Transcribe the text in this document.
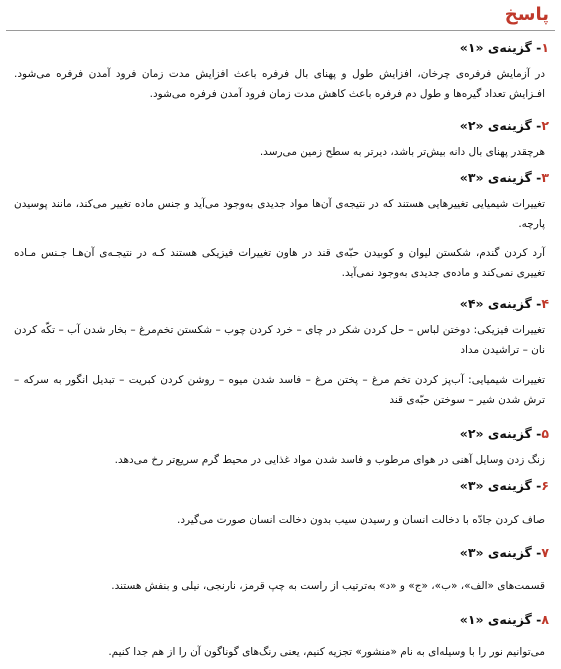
پاسخ
۱- گزینه‌ی «۱»

در آزمایش فرفره‌ی چرخان، افزایش طول و پهنای بال فرفره باعث افزایش مدت زمان فرود آمدن فرفره می‌شود. افـزایش تعداد گیره‌ها و طول دم فرفره باعث کاهش مدت زمان فرود آمدن فرفره می‌شود.

۲- گزینه‌ی «۲»

هرچقدر پهنای بال دانه بیش‌تر باشد، دیرتر به سطح زمین می‌رسد.

۳- گزینه‌ی «۳»

تغییرات شیمیایی تغییرهایی هستند که در نتیجه‌ی آن‌ها مواد جدیدی به‌وجود می‌آید و جنس ماده تغییر می‌کند، مانند پوسیدن پارچه.

آرد کردن گندم، شکستن لیوان و کوبیدن حبّه‌ی قند در هاون تغییرات فیزیکی هستند کـه در نتیجـه‌ی آن‌هـا جـنس مـاده تغییری نمی‌کند و ماده‌ی جدیدی به‌وجود نمی‌آید.

۴- گزینه‌ی «۴»

تغییرات فیزیکی: دوختن لباس – حل کردن شکر در چای – خرد کردن چوب – شکستن تخم‌مرغ – بخار شدن آب – تکّه کردن نان – تراشیدن مداد

تغییرات شیمیایی: آب‌پز کردن تخم مرغ – پختن مرغ – فاسد شدن میوه – روشن کردن کبریت – تبدیل انگور به سرکه – ترش شدن شیر – سوختن حبّه‌ی قند

۵- گزینه‌ی «۲»

زنگ زدن وسایل آهنی در هوای مرطوب و فاسد شدن مواد غذایی در محیط گرم سریع‌تر رخ می‌دهد.

۶- گزینه‌ی «۳»

صاف کردن جادّه با دخالت انسان و رسیدن سیب بدون دخالت انسان صورت می‌گیرد.

۷- گزینه‌ی «۳»

قسمت‌های «الف»، «ب»، «ج» و «د» به‌ترتیب از راست به چپ قرمز، نارنجی، نیلی و بنفش هستند.

۸- گزینه‌ی «۱»

می‌توانیم نور را با وسیله‌ای به نام «منشور» تجزیه کنیم، یعنی رنگ‌های گوناگون آن را از هم جدا کنیم.
